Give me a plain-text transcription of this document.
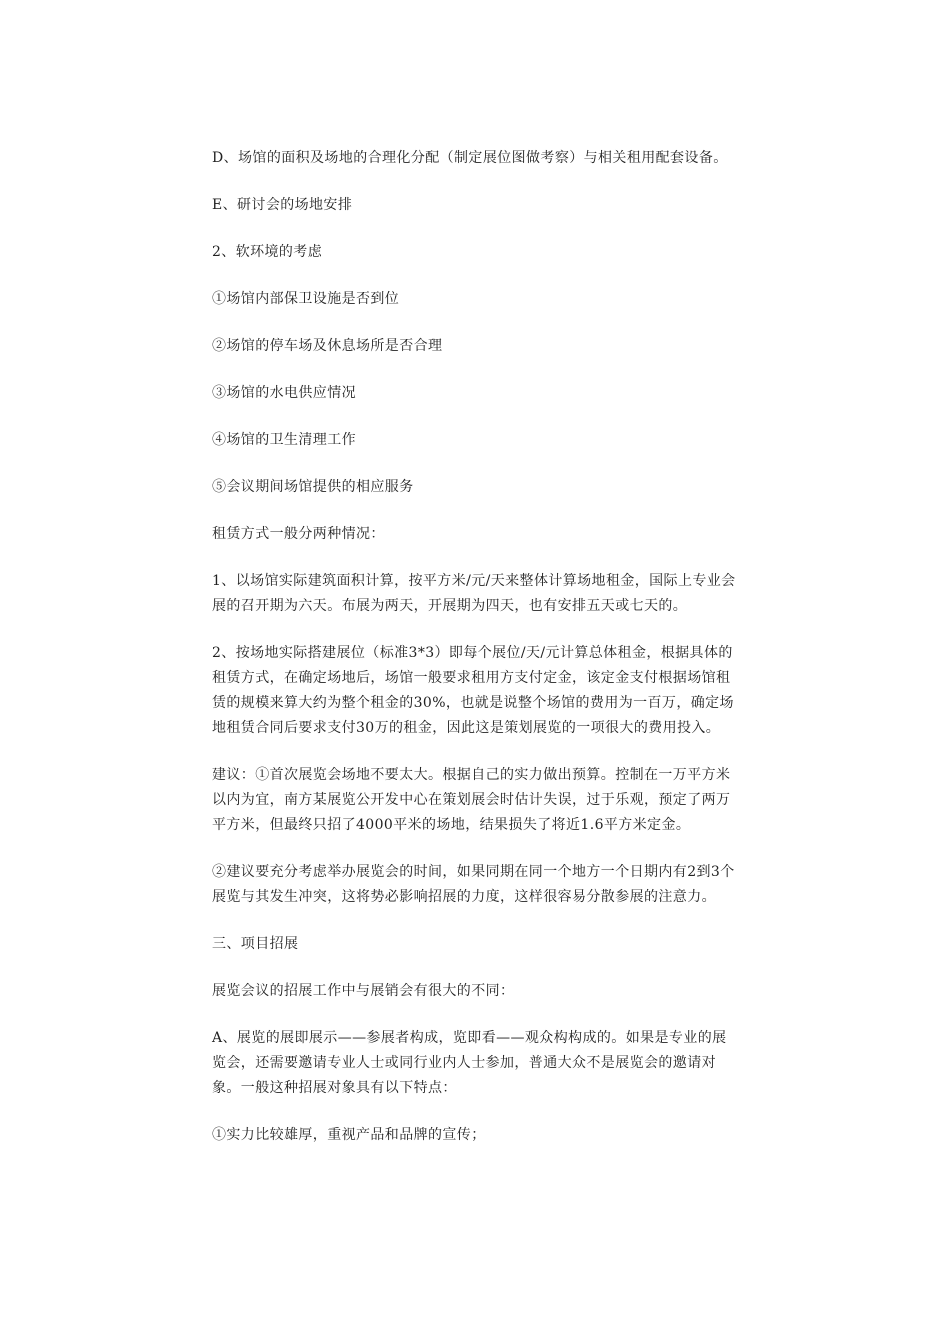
D、场馆的面积及场地的合理化分配（制定展位图做考察）与相关租用配套设备。

E、研讨会的场地安排

2、软环境的考虑

①场馆内部保卫设施是否到位

②场馆的停车场及休息场所是否合理

③场馆的水电供应情况

④场馆的卫生清理工作

⑤会议期间场馆提供的相应服务

租赁方式一般分两种情况：

1、以场馆实际建筑面积计算，按平方米/元/天来整体计算场地租金，国际上专业会展的召开期为六天。布展为两天，开展期为四天，也有安排五天或七天的。

2、按场地实际搭建展位（标准3*3）即每个展位/天/元计算总体租金，根据具体的租赁方式，在确定场地后，场馆一般要求租用方支付定金，该定金支付根据场馆租赁的规模来算大约为整个租金的30%，也就是说整个场馆的费用为一百万，确定场地租赁合同后要求支付30万的租金，因此这是策划展览的一项很大的费用投入。

建议：①首次展览会场地不要太大。根据自己的实力做出预算。控制在一万平方米以内为宜，南方某展览公开发中心在策划展会时估计失误，过于乐观，预定了两万平方米，但最终只招了4000平米的场地，结果损失了将近1.6平方米定金。

②建议要充分考虑举办展览会的时间，如果同期在同一个地方一个日期内有2到3个展览与其发生冲突，这将势必影响招展的力度，这样很容易分散参展的注意力。

三、项目招展

展览会议的招展工作中与展销会有很大的不同：

A、展览的展即展示——参展者构成，览即看——观众构构成的。如果是专业的展览会，还需要邀请专业人士或同行业内人士参加，普通大众不是展览会的邀请对象。一般这种招展对象具有以下特点：

①实力比较雄厚，重视产品和品牌的宣传；
